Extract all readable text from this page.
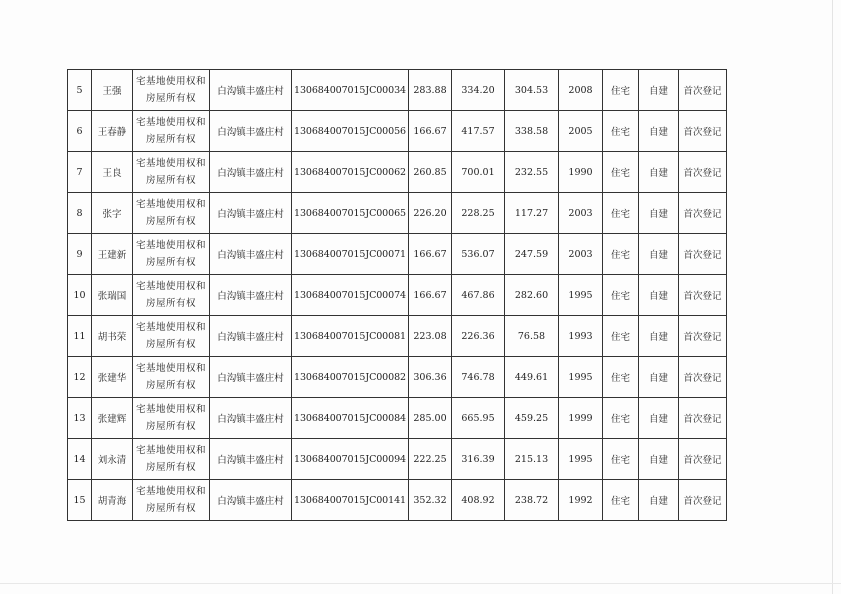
5	王强	宅基地使用权和
房屋所有权	白沟镇丰盛庄村	130684007015JC00034	283.88	334.20	304.53	2008	住宅	自建	首次登记
6	王春静	宅基地使用权和
房屋所有权	白沟镇丰盛庄村	130684007015JC00056	166.67	417.57	338.58	2005	住宅	自建	首次登记
7	王良	宅基地使用权和
房屋所有权	白沟镇丰盛庄村	130684007015JC00062	260.85	700.01	232.55	1990	住宅	自建	首次登记
8	张字	宅基地使用权和
房屋所有权	白沟镇丰盛庄村	130684007015JC00065	226.20	228.25	117.27	2003	住宅	自建	首次登记
9	王建新	宅基地使用权和
房屋所有权	白沟镇丰盛庄村	130684007015JC00071	166.67	536.07	247.59	2003	住宅	自建	首次登记
10	张瑞国	宅基地使用权和
房屋所有权	白沟镇丰盛庄村	130684007015JC00074	166.67	467.86	282.60	1995	住宅	自建	首次登记
11	胡书荣	宅基地使用权和
房屋所有权	白沟镇丰盛庄村	130684007015JC00081	223.08	226.36	76.58	1993	住宅	自建	首次登记
12	张建华	宅基地使用权和
房屋所有权	白沟镇丰盛庄村	130684007015JC00082	306.36	746.78	449.61	1995	住宅	自建	首次登记
13	张建辉	宅基地使用权和
房屋所有权	白沟镇丰盛庄村	130684007015JC00084	285.00	665.95	459.25	1999	住宅	自建	首次登记
14	刘永清	宅基地使用权和
房屋所有权	白沟镇丰盛庄村	130684007015JC00094	222.25	316.39	215.13	1995	住宅	自建	首次登记
15	胡青海	宅基地使用权和
房屋所有权	白沟镇丰盛庄村	130684007015JC00141	352.32	408.92	238.72	1992	住宅	自建	首次登记
